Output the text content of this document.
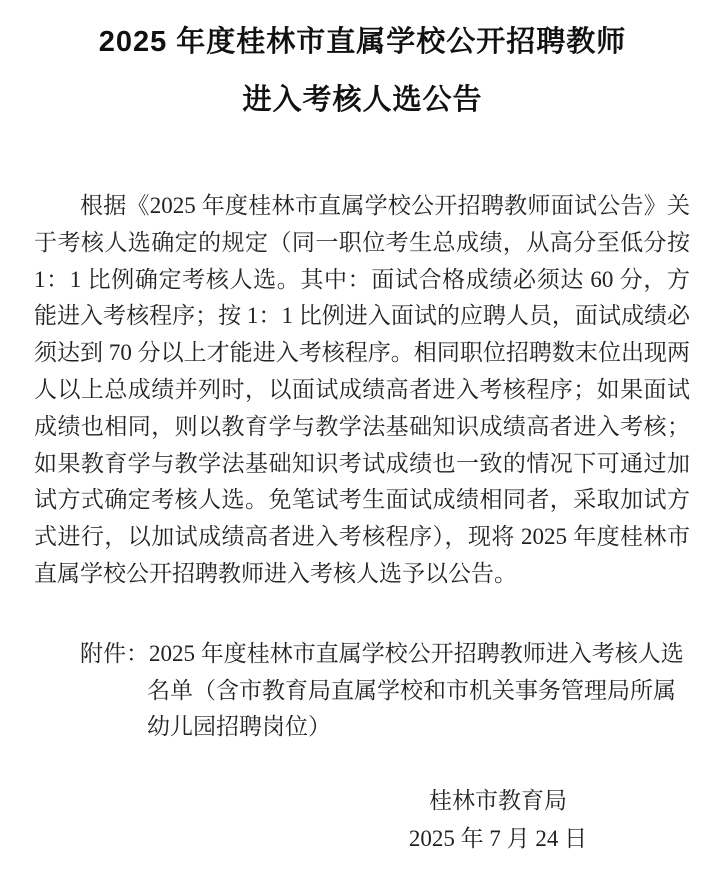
2025 年度桂林市直属学校公开招聘教师
进入考核人选公告
根据《2025 年度桂林市直属学校公开招聘教师面试公告》关
于考核人选确定的规定（同一职位考生总成绩，从高分至低分按
1：1 比例确定考核人选。其中：面试合格成绩必须达 60 分，方
能进入考核程序；按 1：1 比例进入面试的应聘人员，面试成绩必
须达到 70 分以上才能进入考核程序。相同职位招聘数末位出现两
人以上总成绩并列时，以面试成绩高者进入考核程序；如果面试
成绩也相同，则以教育学与教学法基础知识成绩高者进入考核；
如果教育学与教学法基础知识考试成绩也一致的情况下可通过加
试方式确定考核人选。免笔试考生面试成绩相同者，采取加试方
式进行，以加试成绩高者进入考核程序），现将 2025 年度桂林市
直属学校公开招聘教师进入考核人选予以公告。
附件：2025 年度桂林市直属学校公开招聘教师进入考核人选
名单（含市教育局直属学校和市机关事务管理局所属
幼儿园招聘岗位）
桂林市教育局
2025 年 7 月 24 日
